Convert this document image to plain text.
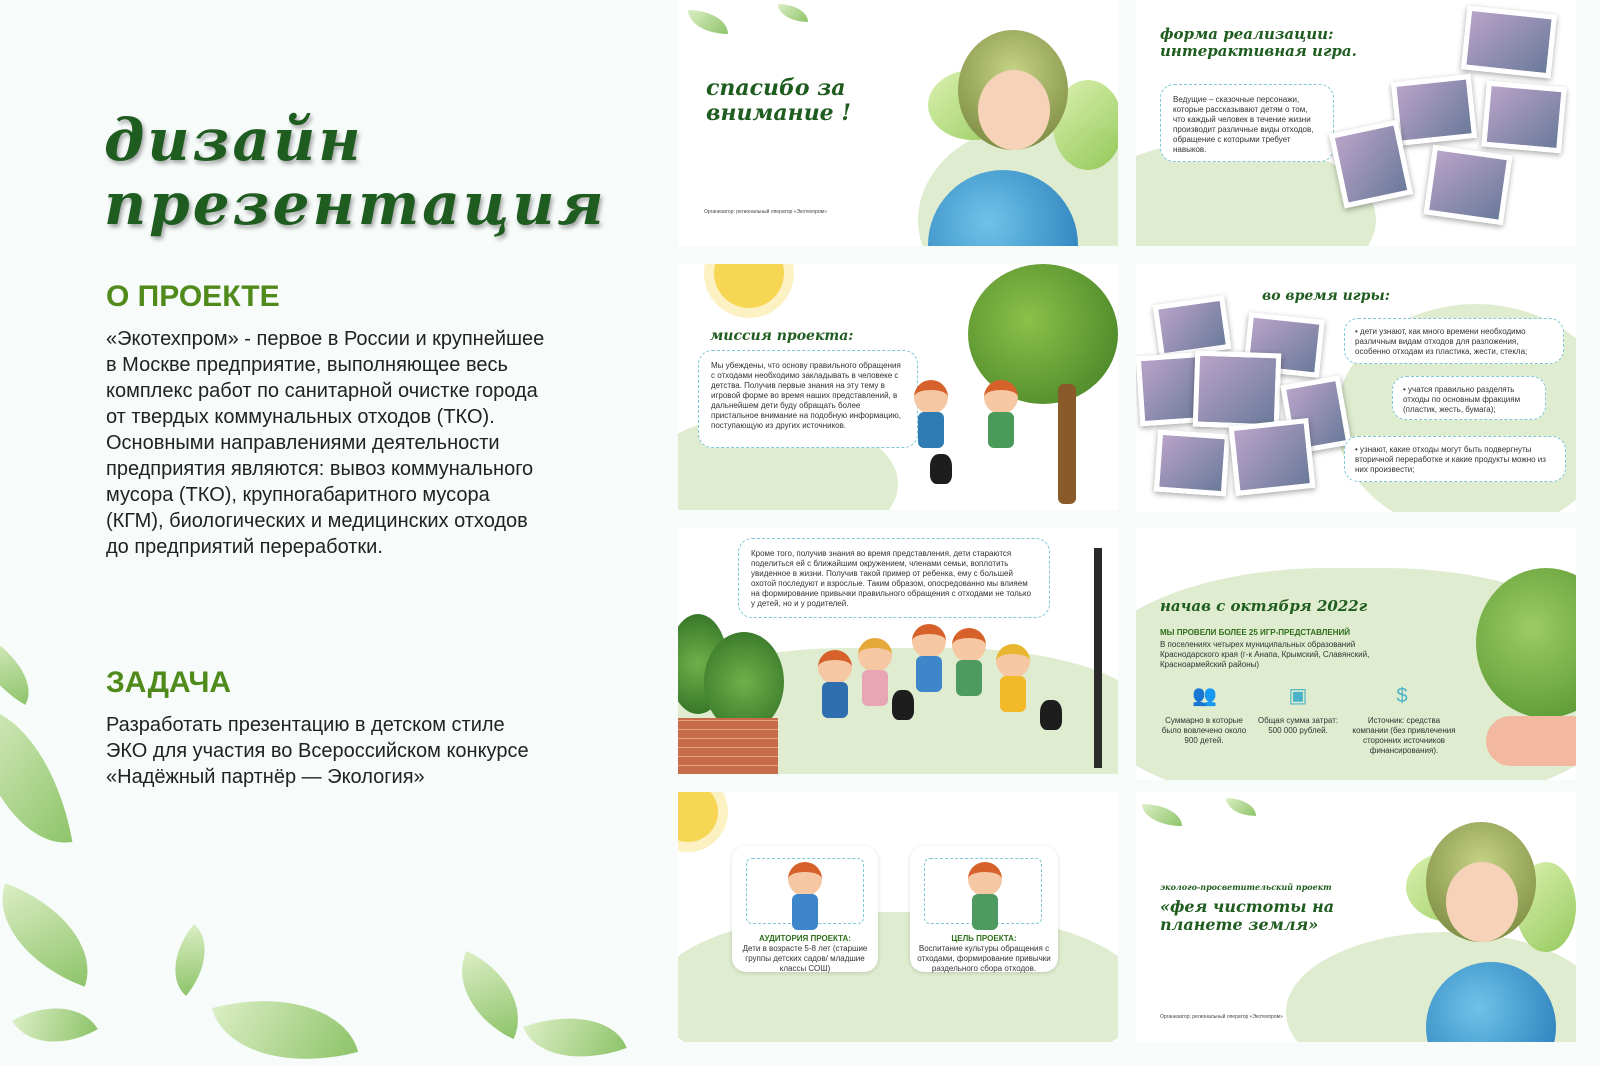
дизайн
презентация
О ПРОЕКТЕ
«Экотехпром» - первое в России и крупнейшее в Москве предприятие, выполняющее весь комплекс работ по санитарной очистке города от твердых коммунальных отходов (ТКО). Основными направлениями деятельности предприятия являются: вывоз коммунального мусора (ТКО), крупногабаритного мусора (КГМ), биологических и медицинских отходов до предприятий переработки.
ЗАДАЧА
Разработать презентацию в детском стиле ЭКО для участия во Всероссийском конкурсе «Надёжный партнёр — Экология»
спасибо за внимание !
Организатор: региональный оператор «Экотехпром»
форма реализации: интерактивная игра.
Ведущие – сказочные персонажи, которые рассказывают детям о том, что каждый человек в течение жизни производит различные виды отходов, обращение с которыми требует навыков.
миссия проекта:
Мы убеждены, что основу правильного обращения с отходами необходимо закладывать в человеке с детства. Получив первые знания на эту тему в игровой форме во время наших представлений, в дальнейшем дети буду обращать более пристальное внимание на подобную информацию, поступающую из других источников.
во время игры:
• дети узнают, как много времени необходимо различным видам отходов для разложения, особенно отходам из пластика, жести, стекла;
• учатся правильно разделять отходы по основным фракциям (пластик, жесть, бумага);
• узнают, какие отходы могут быть подвергнуты вторичной переработке и какие продукты можно из них произвести;
Кроме того, получив знания во время представления, дети стараются поделиться ей с ближайшим окружением, членами семьи, воплотить увиденное в жизни. Получив такой пример от ребенка, ему с большей охотой последуют и взрослые. Таким образом, опосредованно мы влияем на формирование привычки правильного обращения с отходами не только у детей, но и у родителей.	начав с октября 2022г
МЫ ПРОВЕЛИ БОЛЕЕ 25 ИГР-ПРЕДСТАВЛЕНИЙ
В поселениях четырех муниципальных образований Краснодарского края (г-к Анапа, Крымский, Славянский, Красноармейский районы)
👥	▣	$
Суммарно в которые было вовлечено около 900 детей.
Общая сумма затрат: 500 000 рублей.
Источник: средства компании (без привлечения сторонних источников финансирования).
АУДИТОРИЯ ПРОЕКТА:
Дети в возрасте 5-8 лет (старшие группы детских садов/ младшие классы СОШ)
ЦЕЛЬ ПРОЕКТА:
Воспитание культуры обращения с отходами, формирование привычки раздельного сбора отходов.
эколого-просветительский проект
«фея чистоты на планете земля»
Организатор: региональный оператор «Экотехпром»
